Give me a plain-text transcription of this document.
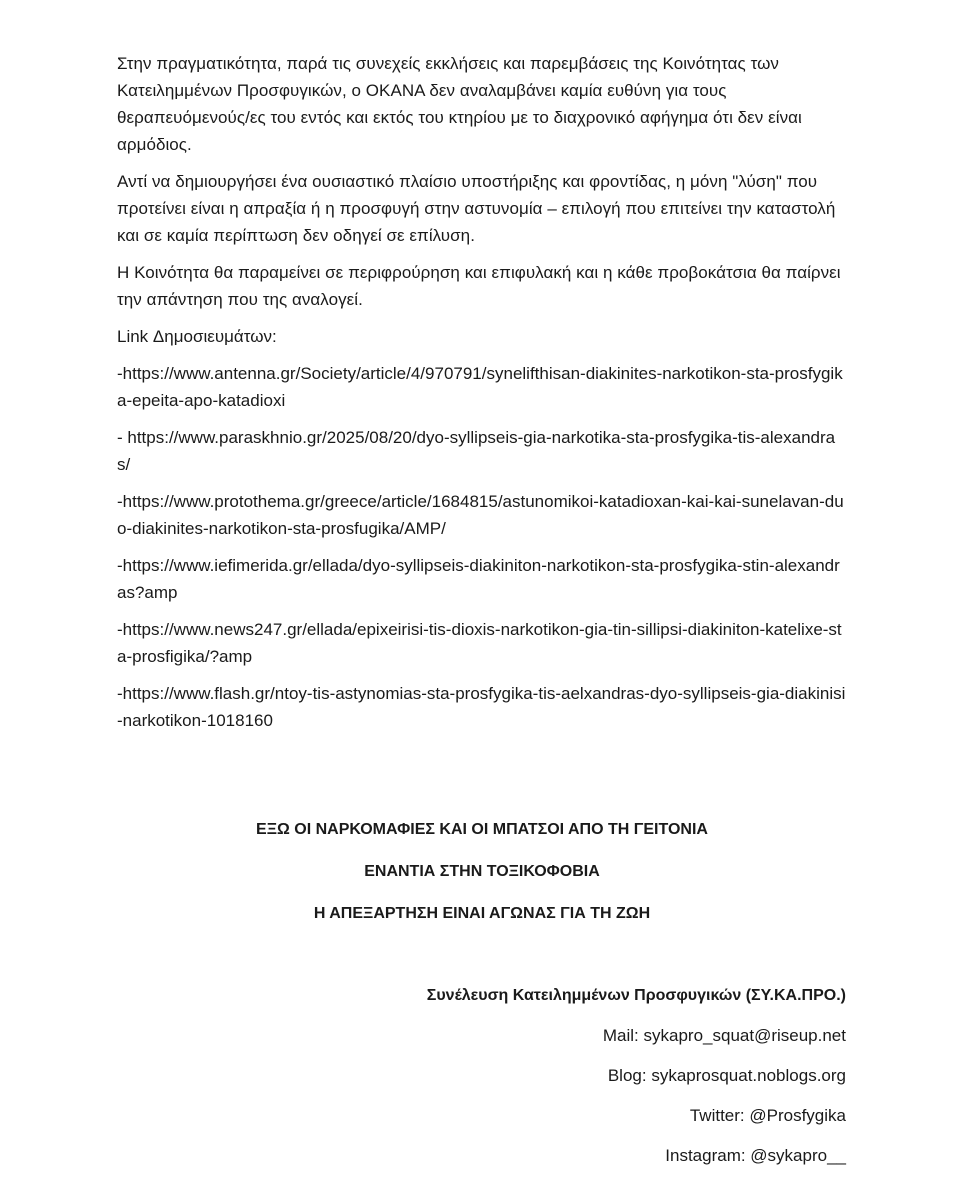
Στην πραγματικότητα, παρά τις συνεχείς εκκλήσεις και παρεμβάσεις της Κοινότητας των Κατειλημμένων Προσφυγικών, ο ΟΚΑΝΑ δεν αναλαμβάνει καμία ευθύνη για τους θεραπευόμενούς/ες του εντός και εκτός του κτηρίου με το διαχρονικό αφήγημα ότι δεν είναι αρμόδιος.

Αντί να δημιουργήσει ένα ουσιαστικό πλαίσιο υποστήριξης και φροντίδας, η μόνη "λύση" που προτείνει είναι η απραξία ή η προσφυγή στην αστυνομία – επιλογή που επιτείνει την καταστολή και σε καμία περίπτωση δεν οδηγεί σε επίλυση.

Η Κοινότητα θα παραμείνει σε περιφρούρηση και επιφυλακή και η κάθε προβοκάτσια θα παίρνει την απάντηση που της αναλογεί.

Link Δημοσιευμάτων:

-https://www.antenna.gr/Society/article/4/970791/synelifthisan-diakinites-narkotikon-sta-prosfygika-epeita-apo-katadioxi

- https://www.paraskhnio.gr/2025/08/20/dyo-syllipseis-gia-narkotika-sta-prosfygika-tis-alexandras/

-https://www.protothema.gr/greece/article/1684815/astunomikoi-katadioxan-kai-kai-sunelavan-duo-diakinites-narkotikon-sta-prosfugika/AMP/

-https://www.iefimerida.gr/ellada/dyo-syllipseis-diakiniton-narkotikon-sta-prosfygika-stin-alexandras?amp

-https://www.news247.gr/ellada/epixeirisi-tis-dioxis-narkotikon-gia-tin-sillipsi-diakiniton-katelixe-sta-prosfigika/?amp

-https://www.flash.gr/ntoy-tis-astynomias-sta-prosfygika-tis-aelxandras-dyo-syllipseis-gia-diakinisi-narkotikon-1018160

ΕΞΩ ΟΙ ΝΑΡΚΟΜΑΦΙΕΣ ΚΑΙ ΟΙ ΜΠΑΤΣΟΙ ΑΠΟ ΤΗ ΓΕΙΤΟΝΙΑ

ΕΝΑΝΤΙΑ ΣΤΗΝ ΤΟΞΙΚΟΦΟΒΙΑ

Η ΑΠΕΞΑΡΤΗΣΗ ΕΙΝΑΙ ΑΓΩΝΑΣ ΓΙΑ ΤΗ ΖΩΗ

Συνέλευση Κατειλημμένων Προσφυγικών (ΣΥ.ΚΑ.ΠΡΟ.)

Mail: sykapro_squat@riseup.net

Blog: sykaprosquat.noblogs.org

Twitter: @Prosfygika

Instagram: @sykapro__
